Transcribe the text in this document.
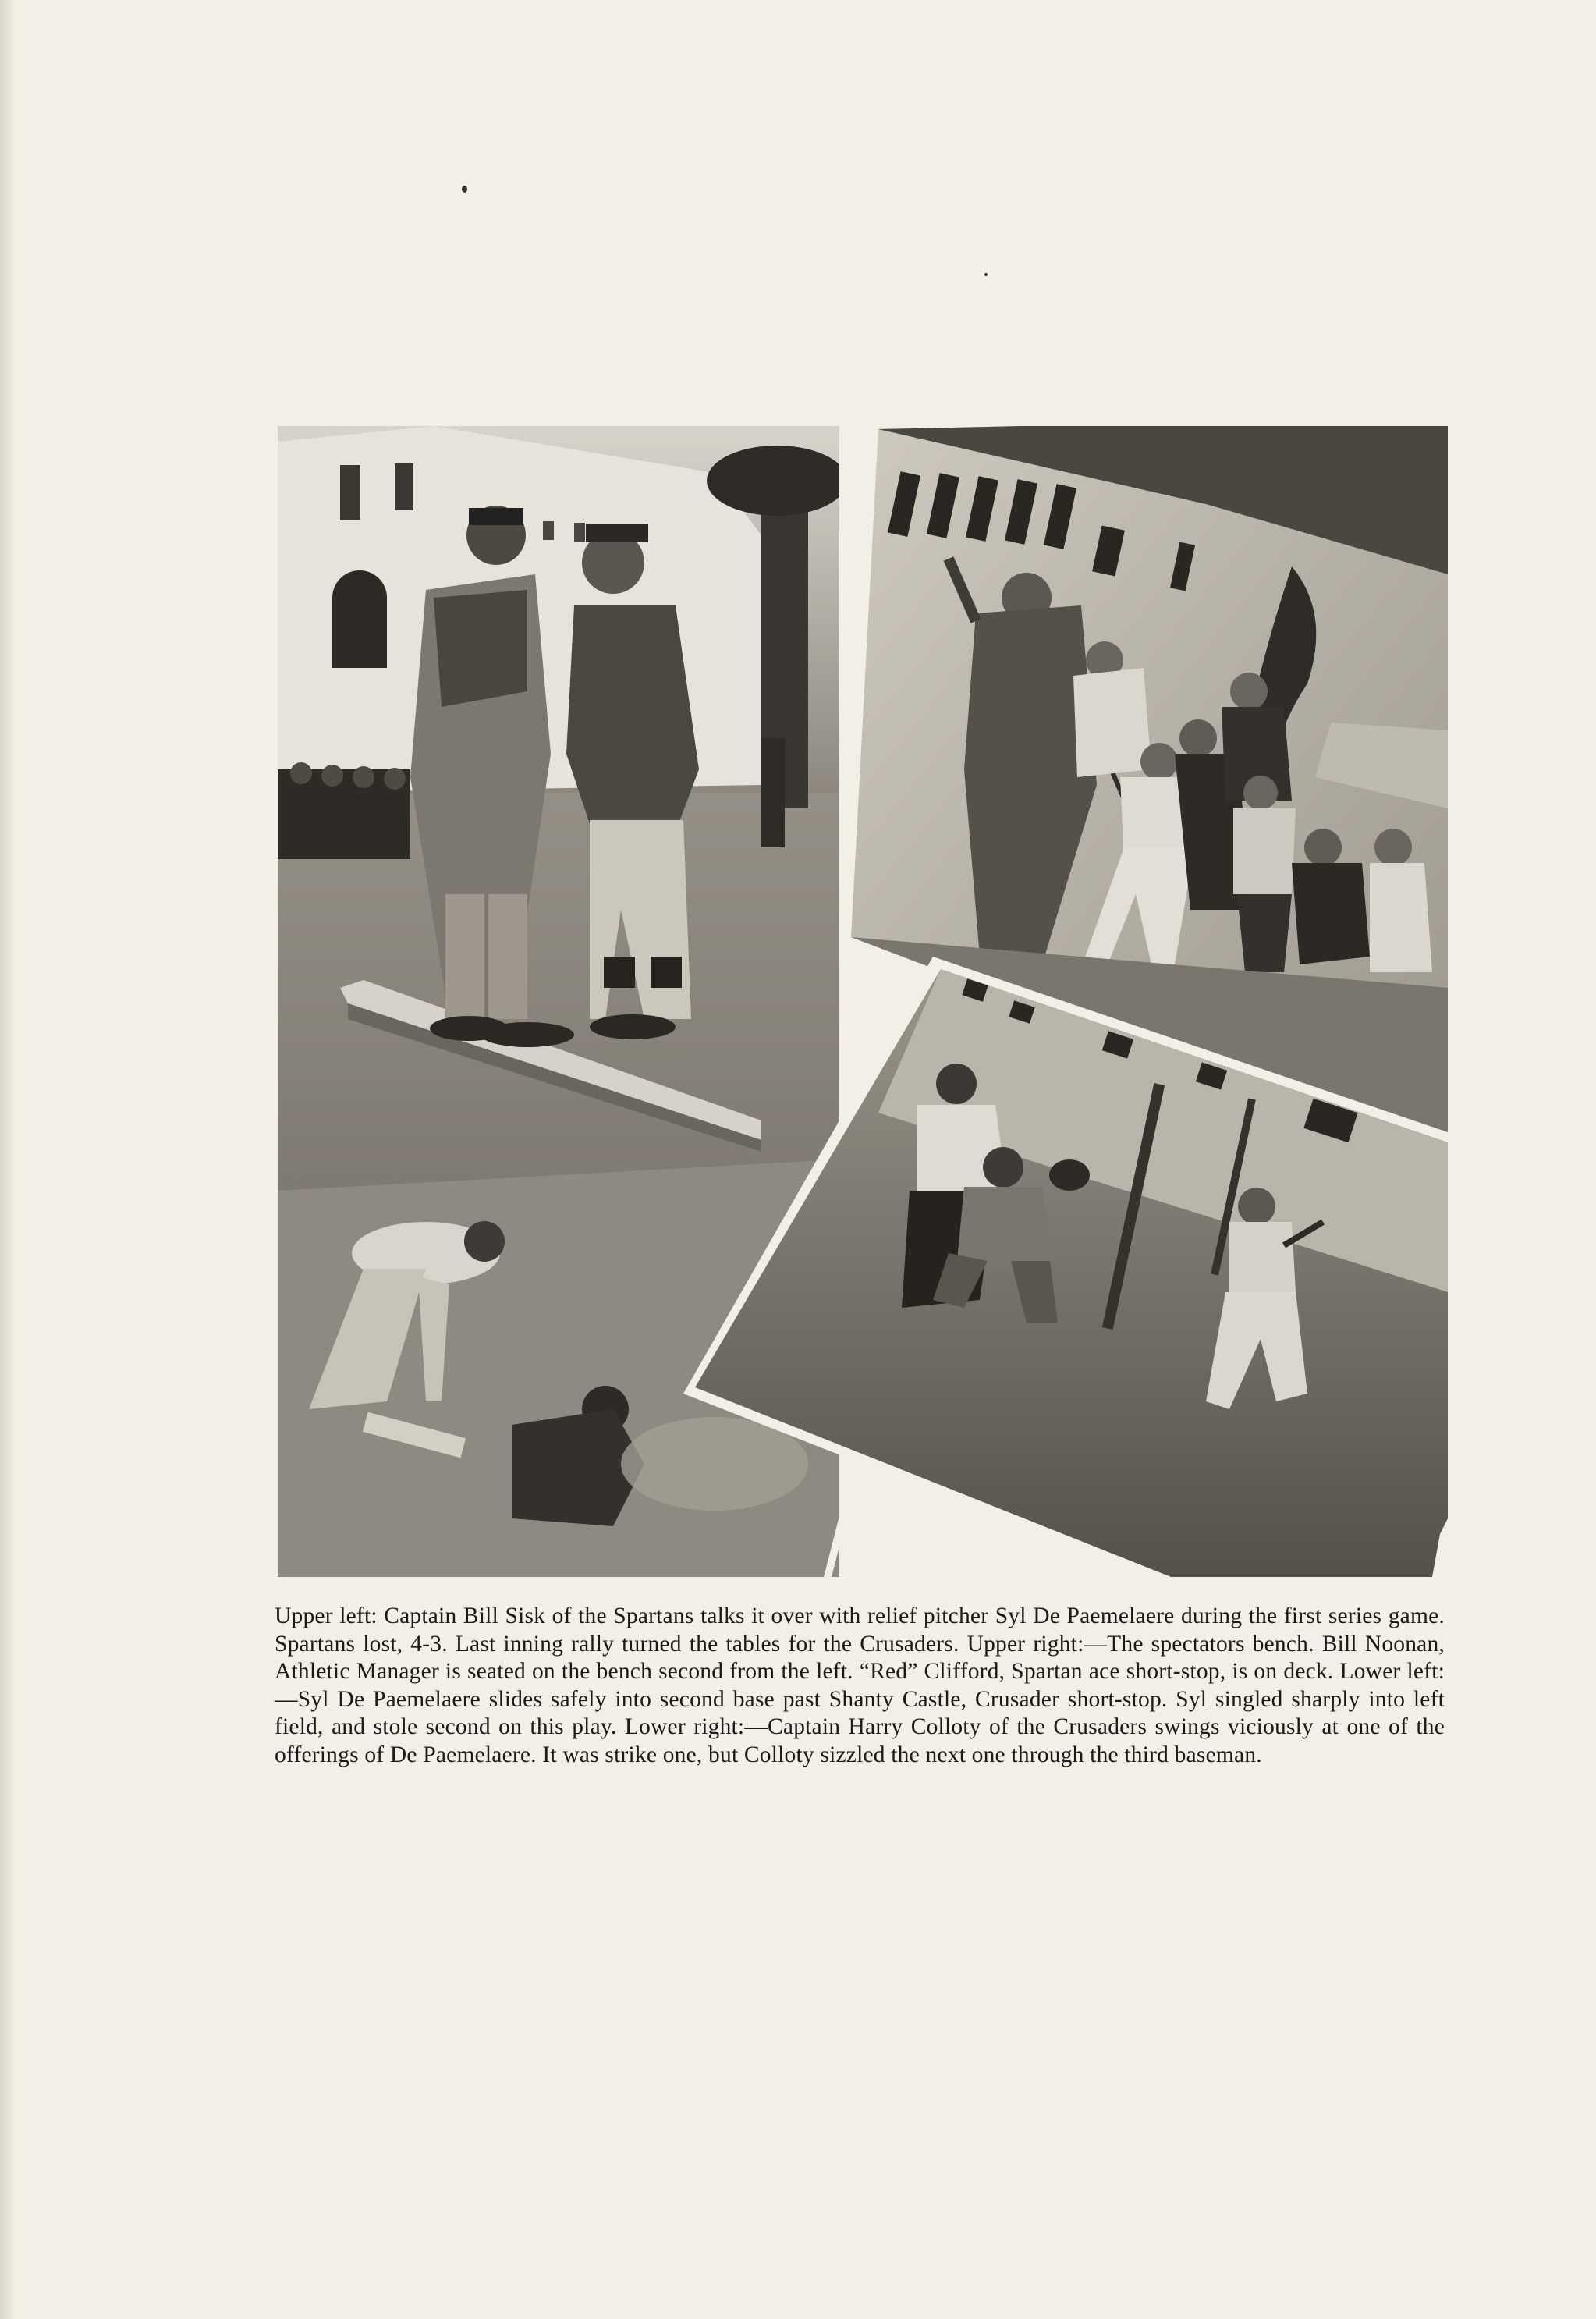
Upper left: Captain Bill Sisk of the Spartans talks it over with relief pitcher Syl De Paemelaere during the first series game. Spartans lost, 4-3. Last inning rally turned the tables for the Crusaders. Upper right:—The spectators bench. Bill Noonan, Athletic Manager is seated on the bench second from the left. “Red” Clifford, Spartan ace short-stop, is on deck. Lower left:—Syl De Paemelaere slides safely into second base past Shanty Castle, Crusader short-stop. Syl singled sharply into left field, and stole second on this play. Lower right:—Captain Harry Colloty of the Crusaders swings viciously at one of the offerings of De Paemelaere. It was strike one, but Colloty sizzled the next one through the third baseman.
